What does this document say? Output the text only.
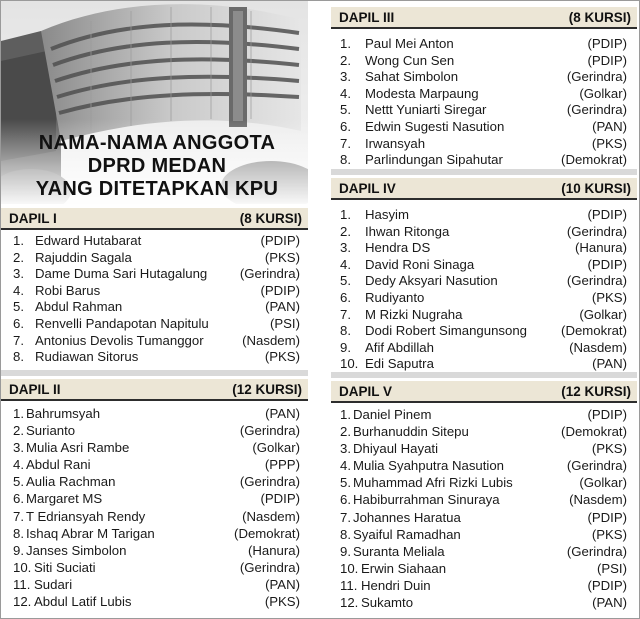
NAMA-NAMA ANGGOTA
DPRD MEDAN
YANG DITETAPKAN KPU
DAPIL I	(8 KURSI)
1. Edward Hutabarat	(PDIP)
2. Rajuddin Sagala	(PKS)
3. Dame Duma Sari Hutagalung (Gerindra)
4. Robi Barus	(PDIP)
5. Abdul Rahman	(PAN)
6. Renvelli Pandapotan Napitulu	(PSI)
7. Antonius Devolis Tumanggor	(Nasdem)
8. Rudiawan Sitorus	(PKS)
DAPIL II	(12 KURSI)
1. Bahrumsyah	(PAN)
2. Surianto	(Gerindra)
3. Mulia Asri Rambe	(Golkar)
4. Abdul Rani	(PPP)
5. Aulia Rachman	(Gerindra)
6. Margaret MS	(PDIP)
7. T Edriansyah Rendy	(Nasdem)
8. Ishaq Abrar M Tarigan	(Demokrat)
9. Janses Simbolon	(Hanura)
10. Siti Suciati	(Gerindra)
11. Sudari	(PAN)
12. Abdul Latif Lubis	(PKS)
DAPIL III	(8 KURSI)
1. Paul Mei Anton	(PDIP)
2. Wong Cun Sen	(PDIP)
3. Sahat Simbolon	(Gerindra)
4. Modesta Marpaung	(Golkar)
5. Nettt Yuniarti Siregar	(Gerindra)
6. Edwin Sugesti Nasution	(PAN)
7. Irwansyah	(PKS)
8. Parlindungan Sipahutar	(Demokrat)
DAPIL IV	(10 KURSI)
1. Hasyim	(PDIP)
2. Ihwan Ritonga	(Gerindra)
3. Hendra DS	(Hanura)
4. David Roni Sinaga	(PDIP)
5. Dedy Aksyari Nasution	(Gerindra)
6. Rudiyanto	(PKS)
7. M Rizki Nugraha	(Golkar)
8. Dodi Robert Simangunsong	(Demokrat)
9. Afif Abdillah	(Nasdem)
10. Edi Saputra	(PAN)
DAPIL V	(12 KURSI)
1. Daniel Pinem	(PDIP)
2. Burhanuddin Sitepu	(Demokrat)
3. Dhiyaul Hayati	(PKS)
4. Mulia Syahputra Nasution	(Gerindra)
5. Muhammad Afri Rizki Lubis	(Golkar)
6. Habiburrahman Sinuraya	(Nasdem)
7. Johannes Haratua	(PDIP)
8. Syaiful Ramadhan	(PKS)
9. Suranta Meliala	(Gerindra)
10. Erwin Siahaan	(PSI)
11. Hendri Duin	(PDIP)
12. Sukamto	(PAN)
